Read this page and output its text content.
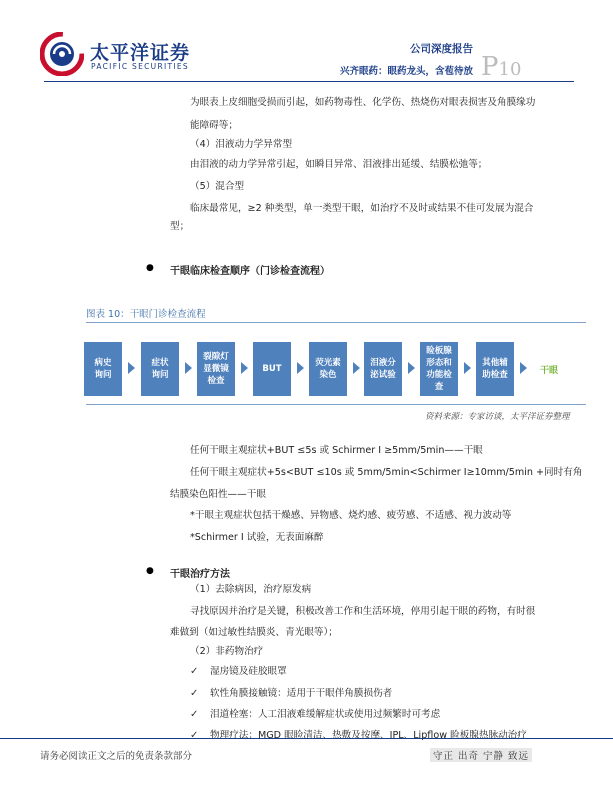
太平洋证券
PACIFIC SECURITIES
公司深度报告
兴齐眼药：眼药龙头，含苞待放 P10
为眼表上皮细胞受损而引起，如药物毒性、化学伤、热烧伤对眼表损害及角膜缘功
能障碍等；
（4）泪液动力学异常型
由泪液的动力学异常引起，如瞬目异常、泪液排出延缓、结膜松弛等；
（5）混合型
临床最常见，≥2 种类型，单一类型干眼，如治疗不及时或结果不佳可发展为混合
型；
● 干眼临床检查顺序（门诊检查流程）
图表 10：干眼门诊检查流程
病史
询问
症状
询问
裂隙灯
显微镜
检查
BUT
荧光素
染色
泪液分
泌试验
睑板腺
形态和
功能检
查
其他辅
助检查	干眼
资料来源：专家访谈，太平洋证券整理
任何干眼主观症状+BUT ≤5s 或 Schirmer Ⅰ ≥5mm/5min——干眼
任何干眼主观症状+5s<BUT ≤10s 或 5mm/5min<Schirmer Ⅰ≥10mm/5min +同时有角
结膜染色阳性——干眼
*干眼主观症状包括干燥感、异物感、烧灼感、疲劳感、不适感、视力波动等
*Schirmer Ⅰ 试验，无表面麻醉
● 干眼治疗方法
（1）去除病因，治疗原发病
寻找原因并治疗是关键，积极改善工作和生活环境，停用引起干眼的药物，有时很
难做到（如过敏性结膜炎、青光眼等）；
（2）非药物治疗
✓ 湿房镜及硅胶眼罩
✓ 软性角膜接触镜：适用于干眼伴角膜损伤者
✓ 泪道栓塞：人工泪液难缓解症状或使用过频繁时可考虑
✓ 物理疗法：MGD 眼睑清洁、热敷及按摩、IPL、Lipflow 睑板腺热脉动治疗
请务必阅读正文之后的免责条款部分	守正 出奇 宁静 致远
